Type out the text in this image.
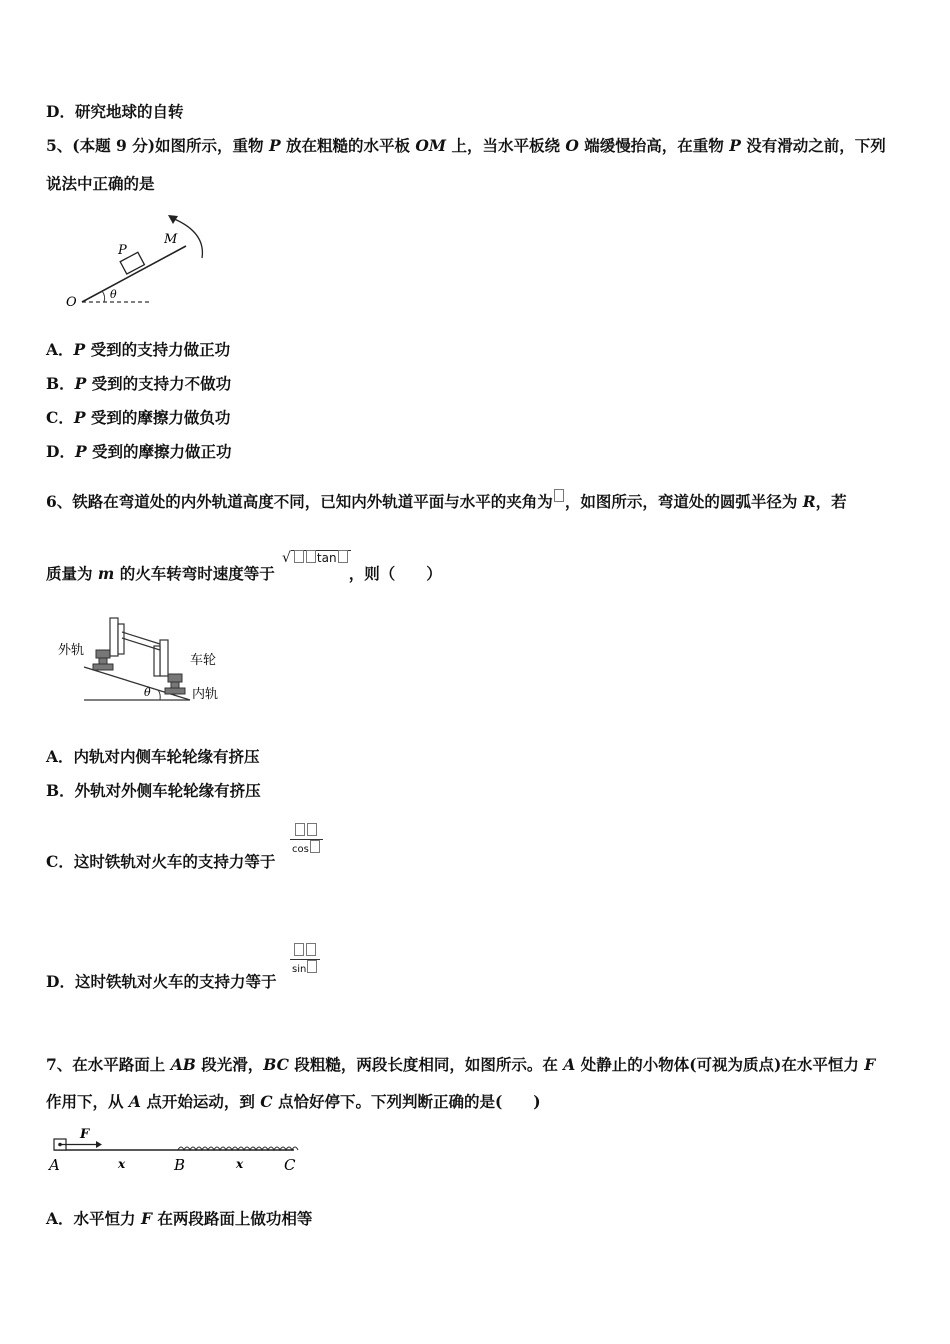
D．研究地球的自转
5、(本题 9 分)如图所示，重物 P 放在粗糙的水平板 OM 上，当水平板绕 O 端缓慢抬高，在重物 P 没有滑动之前，下列
说法中正确的是
P
M
O
θ
A．P 受到的支持力做正功
B．P 受到的支持力不做功
C．P 受到的摩擦力做负功
D．P 受到的摩擦力做正功
6、铁路在弯道处的内外轨道高度不同，已知内外轨道平面与水平的夹角为 ，如图所示，弯道处的圆弧半径为 R，若
质量为 m 的火车转弯时速度等于	，则（　　）
√ tan
外轨
车轮
内轨
θ
A．内轨对内侧车轮轮缘有挤压
B．外轨对外侧车轮轮缘有挤压
C．这时铁轨对火车的支持力等于
cos
D．这时铁轨对火车的支持力等于
sin
7、在水平路面上 AB 段光滑，BC 段粗糙，两段长度相同，如图所示。在 A 处静止的小物体(可视为质点)在水平恒力 F
作用下，从 A 点开始运动，到 C 点恰好停下。下列判断正确的是(　　)
F
A	x	B	x	C
A．水平恒力 F 在两段路面上做功相等
